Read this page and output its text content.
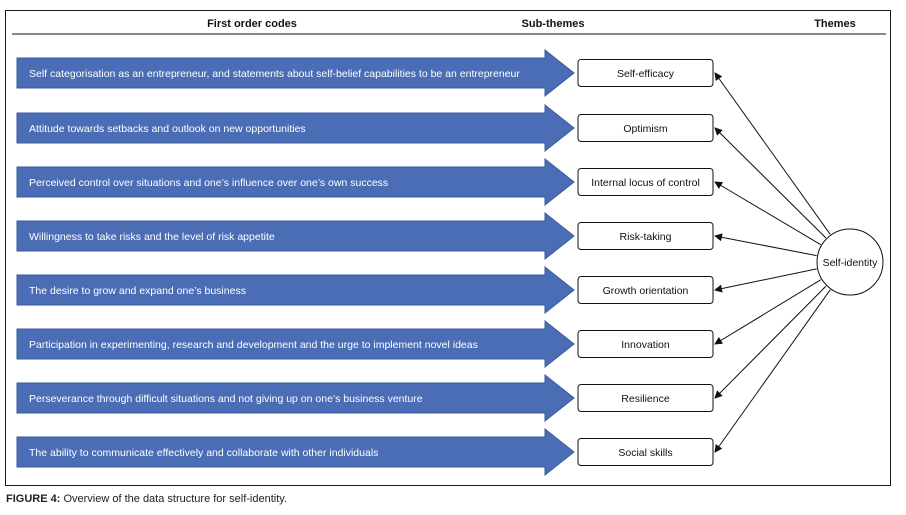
First order codes	Sub-themes	Themes
Self categorisation as an entrepreneur, and statements about self-belief capabilities to be an entrepreneur	Self-efficacy
Attitude towards setbacks and outlook on new opportunities	Optimism
Perceived control over situations and one’s influence over one’s own success	Internal locus of control
Willingness to take risks and the level of risk appetite	Risk-taking
The desire to grow and expand one’s business	Growth orientation
Participation in experimenting, research and development and the urge to implement novel ideas	Innovation
Perseverance through difficult situations and not giving up on one’s business venture	Resilience
The ability to communicate effectively and collaborate with other individuals	Social skills
Self-identity

FIGURE 4: Overview of the data structure for self-identity.
